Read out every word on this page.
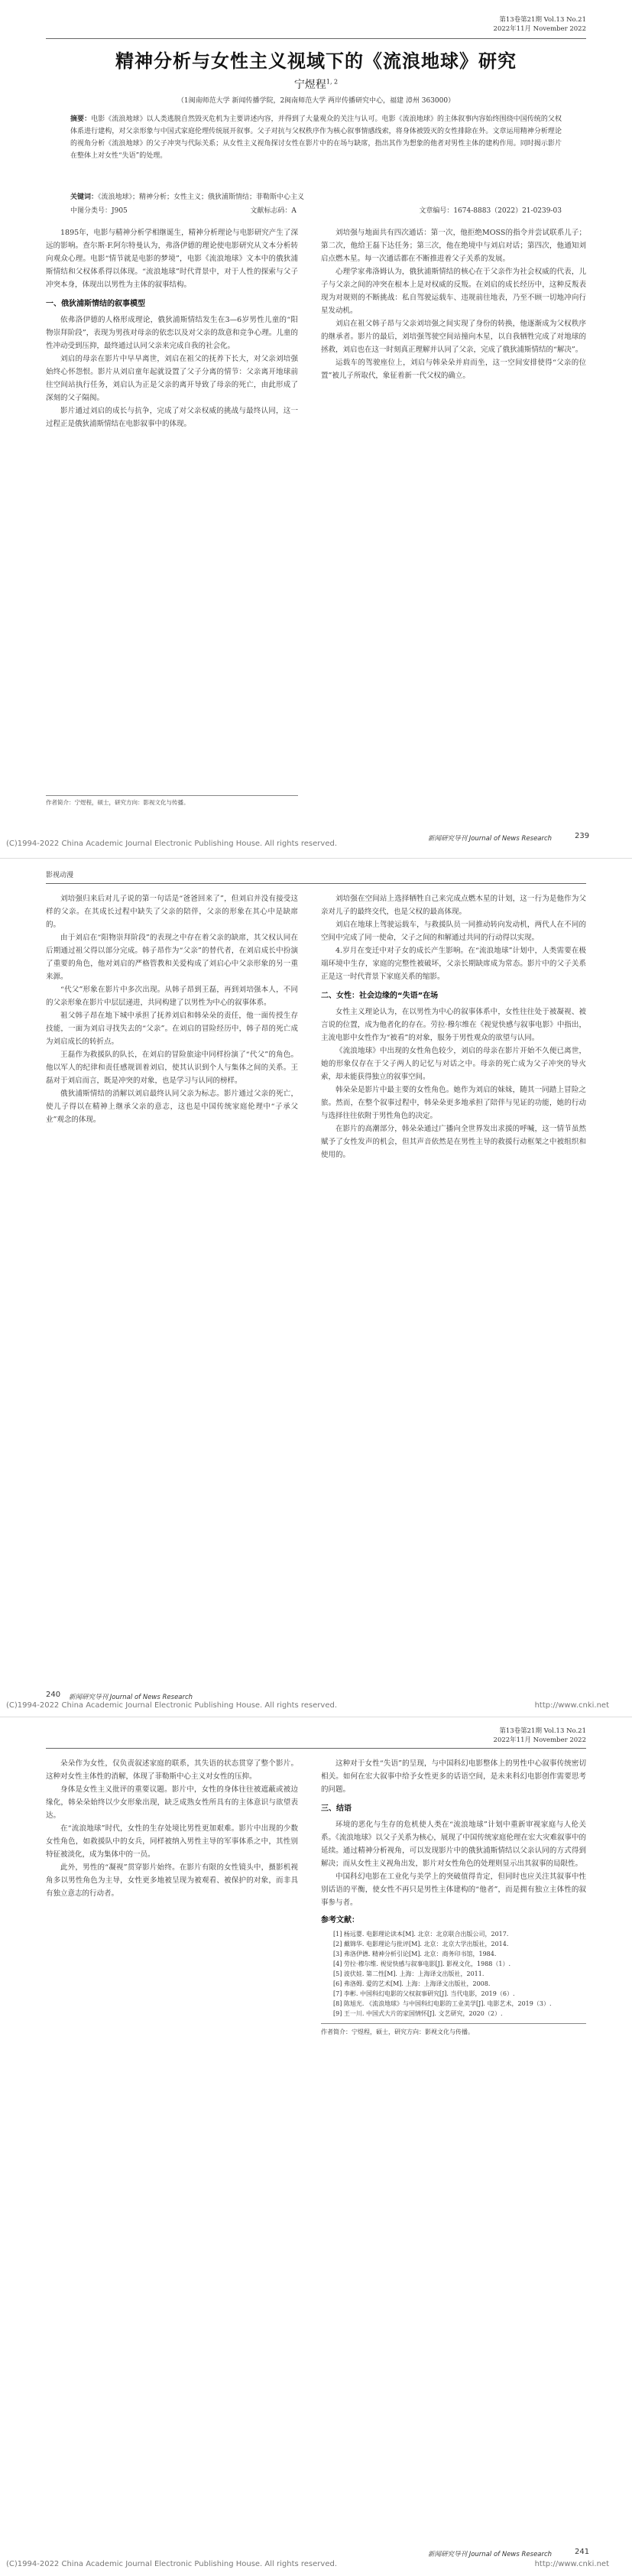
第13卷第21期 Vol.13 No.21
2022年11月 November 2022
精神分析与女性主义视域下的《流浪地球》研究
宁煜程$^{1, 2}$
（1闽南师范大学 新闻传播学院，2闽南师范大学 两岸传播研究中心，福建 漳州 363000）
摘要：电影《流浪地球》以人类逃脱自然毁灭危机为主要讲述内容，并得到了大量观众的关注与认可。电影《流浪地球》的主体叙事内容始终围绕中国传统的父权体系进行建构，对父亲形象与中国式家庭伦理传统展开叙事。父子对抗与父权秩序作为核心叙事情感线索，将身体被毁灭的女性排除在外。文章运用精神分析理论的视角分析《流浪地球》的父子冲突与代际关系；从女性主义视角探讨女性在影片中的在场与缺席，指出其作为想象的他者对男性主体的建构作用。同时揭示影片在整体上对女性“失语”的处理。
关键词：《流浪地球》；精神分析；女性主义；俄狄浦斯情结；菲勒斯中心主义
中图分类号：J905	文献标志码：A	文章编号：1674-8883（2022）21-0239-03

1895年，电影与精神分析学相继诞生，精神分析理论与电影研究产生了深远的影响。查尔斯·F.阿尔特曼认为，弗洛伊德的理论使电影研究从文本分析转向观众心理。电影“情节就是电影的梦境”，电影《流浪地球》文本中的俄狄浦斯情结和父权体系得以体现。“流浪地球”时代背景中，对于人性的探索与父子冲突本身，体现出以男性为主体的叙事结构。

一、俄狄浦斯情结的叙事模型

依弗洛伊德的人格形成理论，俄狄浦斯情结发生在3—6岁男性儿童的“阳物崇拜阶段”，表现为男孩对母亲的依恋以及对父亲的敌意和竞争心理。儿童的性冲动受到压抑，最终通过认同父亲来完成自我的社会化。

刘启的母亲在影片中早早离世，刘启在祖父的抚养下长大，对父亲刘培强始终心怀怨恨。影片从刘启童年起就设置了父子分离的情节：父亲离开地球前往空间站执行任务，刘启认为正是父亲的离开导致了母亲的死亡，由此形成了深刻的父子隔阂。

影片通过刘启的成长与抗争，完成了对父亲权威的挑战与最终认同，这一过程正是俄狄浦斯情结在电影叙事中的体现。

刘培强与地面共有四次通话：第一次，他拒绝MOSS的指令并尝试联系儿子；第二次，他给王磊下达任务；第三次，他在绝境中与刘启对话；第四次，他通知刘启点燃木星。每一次通话都在不断推进着父子关系的发展。

心理学家弗洛姆认为，俄狄浦斯情结的核心在于父亲作为社会权威的代表，儿子与父亲之间的冲突在根本上是对权威的反叛。在刘启的成长经历中，这种反叛表现为对规则的不断挑战：私自驾驶运载车、违规前往地表，乃至不顾一切地冲向行星发动机。

刘启在祖父韩子昂与父亲刘培强之间实现了身份的转换，他逐渐成为父权秩序的继承者。影片的最后，刘培强驾驶空间站撞向木星，以自我牺牲完成了对地球的拯救，刘启也在这一时刻真正理解并认同了父亲，完成了俄狄浦斯情结的“解决”。

运载车的驾驶座位上，刘启与韩朵朵并肩而坐，这一空间安排使得“父亲的位置”被儿子所取代，象征着新一代父权的确立。

作者简介：宁煜程，硕士，研究方向：影视文化与传播。
(C)1994-2022 China Academic Journal Electronic Publishing House. All rights reserved.
新闻研究导刊 Journal of News Research	239
影视动漫

刘培强归来后对儿子说的第一句话是“爸爸回来了”，但刘启并没有接受这样的父亲。在其成长过程中缺失了父亲的陪伴，父亲的形象在其心中是缺席的。

由于刘启在“阳物崇拜阶段”的表现之中存在着父亲的缺席，其父权认同在后期通过祖父得以部分完成。韩子昂作为“父亲”的替代者，在刘启成长中扮演了重要的角色，他对刘启的严格管教和关爱构成了刘启心中父亲形象的另一重来源。

“代父”形象在影片中多次出现。从韩子昂到王磊，再到刘培强本人，不同的父亲形象在影片中层层递进，共同构建了以男性为中心的叙事体系。

祖父韩子昂在地下城中承担了抚养刘启和韩朵朵的责任，他一面传授生存技能，一面为刘启寻找失去的“父亲”。在刘启的冒险经历中，韩子昂的死亡成为刘启成长的转折点。

王磊作为救援队的队长，在刘启的冒险旅途中同样扮演了“代父”的角色。他以军人的纪律和责任感规训着刘启，使其认识到个人与集体之间的关系。王磊对于刘启而言，既是冲突的对象，也是学习与认同的榜样。

俄狄浦斯情结的消解以刘启最终认同父亲为标志。影片通过父亲的死亡，使儿子得以在精神上继承父亲的意志，这也是中国传统家庭伦理中“子承父业”观念的体现。

刘培强在空间站上选择牺牲自己来完成点燃木星的计划，这一行为是他作为父亲对儿子的最终交代，也是父权的最高体现。

刘启在地球上驾驶运载车，与救援队员一同推动转向发动机，两代人在不同的空间中完成了同一使命，父子之间的和解通过共同的行动得以实现。

4.岁月在变迁中对子女的成长产生影响。在“流浪地球”计划中，人类需要在极端环境中生存，家庭的完整性被破坏，父亲长期缺席成为常态。影片中的父子关系正是这一时代背景下家庭关系的缩影。

二、女性：社会边缘的“失语”在场

女性主义理论认为，在以男性为中心的叙事体系中，女性往往处于被凝视、被言说的位置，成为他者化的存在。劳拉·穆尔维在《视觉快感与叙事电影》中指出，主流电影中女性作为“被看”的对象，服务于男性观众的欲望与认同。

《流浪地球》中出现的女性角色较少，刘启的母亲在影片开始不久便已离世，她的形象仅存在于父子两人的记忆与对话之中。母亲的死亡成为父子冲突的导火索，却未能获得独立的叙事空间。

韩朵朵是影片中最主要的女性角色。她作为刘启的妹妹，随其一同踏上冒险之旅。然而，在整个叙事过程中，韩朵朵更多地承担了陪伴与见证的功能，她的行动与选择往往依附于男性角色的决定。

在影片的高潮部分，韩朵朵通过广播向全世界发出求援的呼喊，这一情节虽然赋予了女性发声的机会，但其声音依然是在男性主导的救援行动框架之中被组织和使用的。

240 新闻研究导刊 Journal of News Research
(C)1994-2022 China Academic Journal Electronic Publishing House. All rights reserved.	http://www.cnki.net
第13卷第21期 Vol.13 No.21
2022年11月 November 2022

朵朵作为女性，仅负责叙述家庭的联系，其失语的状态贯穿了整个影片。这种对女性主体性的消解，体现了菲勒斯中心主义对女性的压抑。

身体是女性主义批评的重要议题。影片中，女性的身体往往被遮蔽或被边缘化，韩朵朵始终以少女形象出现，缺乏成熟女性所具有的主体意识与欲望表达。

在“流浪地球”时代，女性的生存处境比男性更加艰难。影片中出现的少数女性角色，如救援队中的女兵，同样被纳入男性主导的军事体系之中，其性别特征被淡化，成为集体中的一员。

此外，男性的“凝视”贯穿影片始终。在影片有限的女性镜头中，摄影机视角多以男性角色为主导，女性更多地被呈现为被观看、被保护的对象，而非具有独立意志的行动者。

这种对于女性“失语”的呈现，与中国科幻电影整体上的男性中心叙事传统密切相关。如何在宏大叙事中给予女性更多的话语空间，是未来科幻电影创作需要思考的问题。

三、结语

环境的恶化与生存的危机使人类在“流浪地球”计划中重新审视家庭与人伦关系。《流浪地球》以父子关系为核心，展现了中国传统家庭伦理在宏大灾难叙事中的延续。通过精神分析视角，可以发现影片中的俄狄浦斯情结以父亲认同的方式得到解决；而从女性主义视角出发，影片对女性角色的处理则显示出其叙事的局限性。

中国科幻电影在工业化与美学上的突破值得肯定，但同时也应关注其叙事中性别话语的平衡，使女性不再只是男性主体建构的“他者”，而是拥有独立主体性的叙事参与者。

参考文献：

[1] 杨远婴. 电影理论读本[M]. 北京：北京联合出版公司，2017.

[2] 戴锦华. 电影理论与批评[M]. 北京：北京大学出版社，2014.

[3] 弗洛伊德. 精神分析引论[M]. 北京：商务印书馆，1984.

[4] 劳拉·穆尔维. 视觉快感与叙事电影[J]. 影视文化，1988（1）.

[5] 波伏娃. 第二性[M]. 上海：上海译文出版社，2011.

[6] 弗洛姆. 爱的艺术[M]. 上海：上海译文出版社，2008.

[7] 李彬. 中国科幻电影的父权叙事研究[J]. 当代电影，2019（6）.

[8] 陈旭光. 《流浪地球》与中国科幻电影的工业美学[J]. 电影艺术，2019（3）.

[9] 王一川. 中国式大片的家国情怀[J]. 文艺研究，2020（2）.

作者简介：宁煜程，硕士，研究方向：影视文化与传播。
新闻研究导刊 Journal of News Research	241
(C)1994-2022 China Academic Journal Electronic Publishing House. All rights reserved.	http://www.cnki.net
